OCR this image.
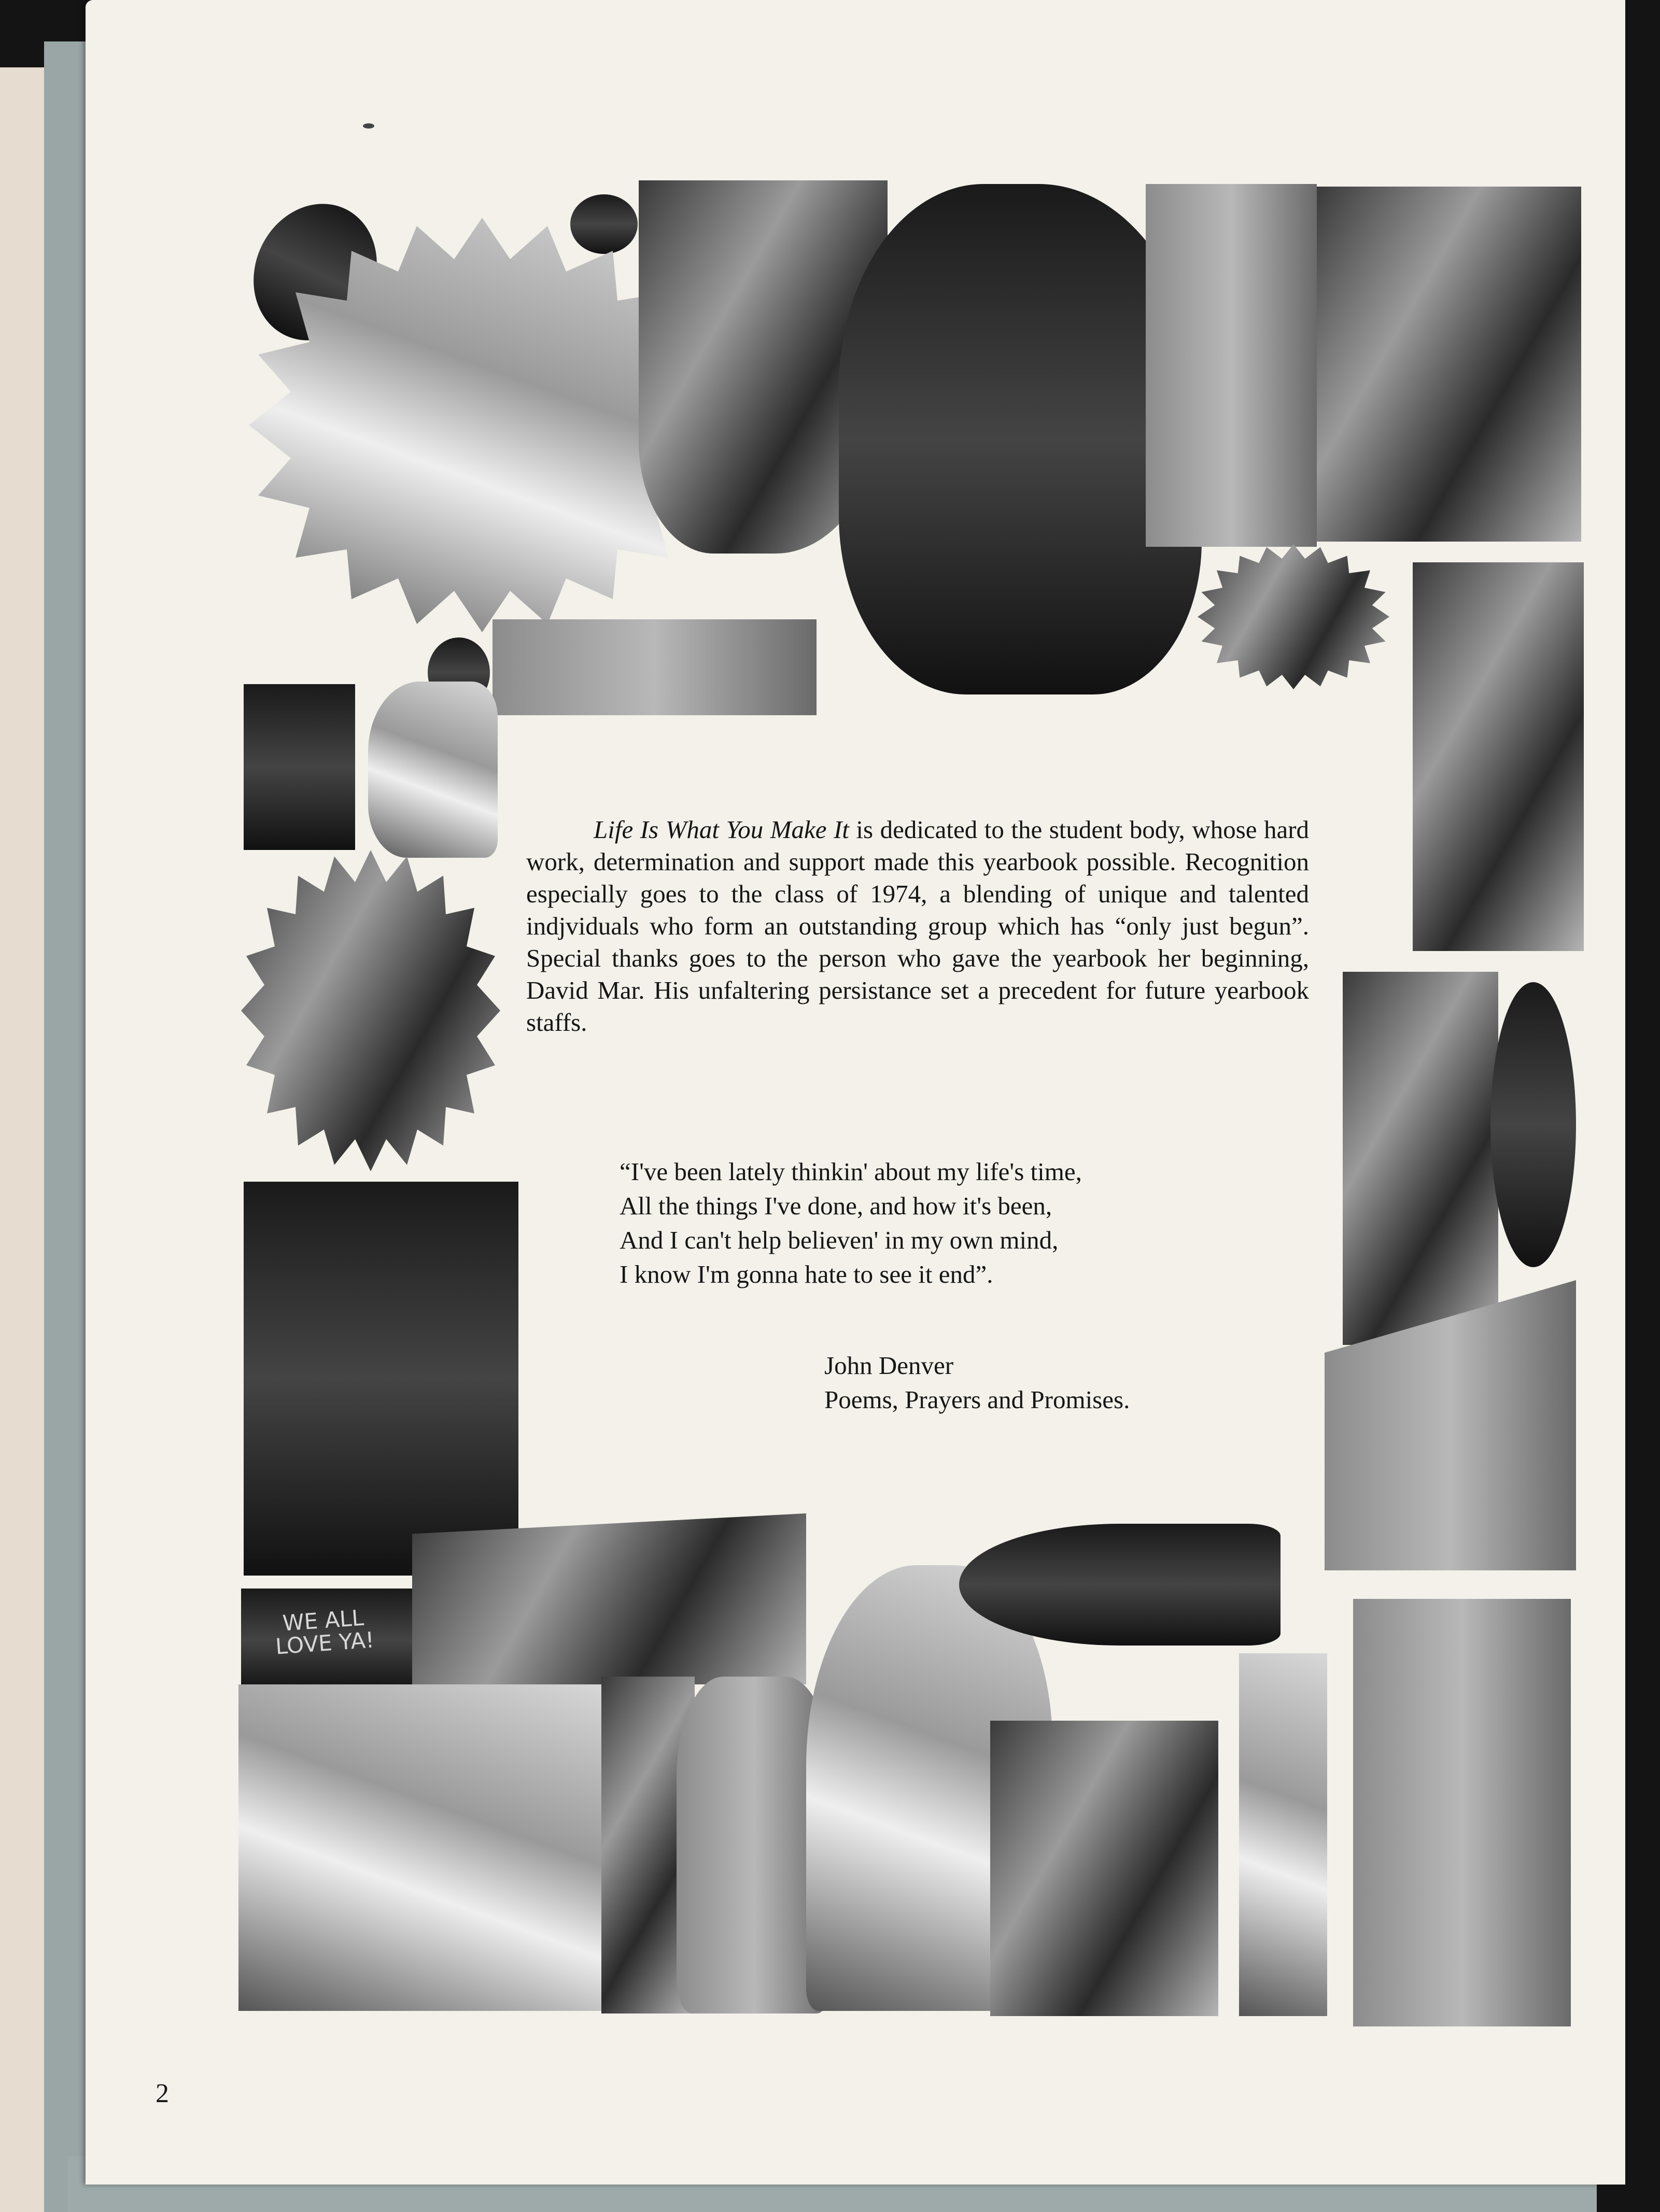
WE ALL LOVE YA!

Life Is What You Make It is dedicated to the student body, whose hard work, determination and support made this yearbook possible. Recognition especially goes to the class of 1974, a blending of unique and talented indjviduals who form an outstanding group which has “only just begun”. Special thanks goes to the person who gave the yearbook her beginning, David Mar. His unfaltering persistance set a precedent for future yearbook staffs.

“I've been lately thinkin' about my life's time,
All the things I've done, and how it's been,
And I can't help believen' in my own mind,
I know I'm gonna hate to see it end”.
John Denver
Poems, Prayers and Promises.
2
